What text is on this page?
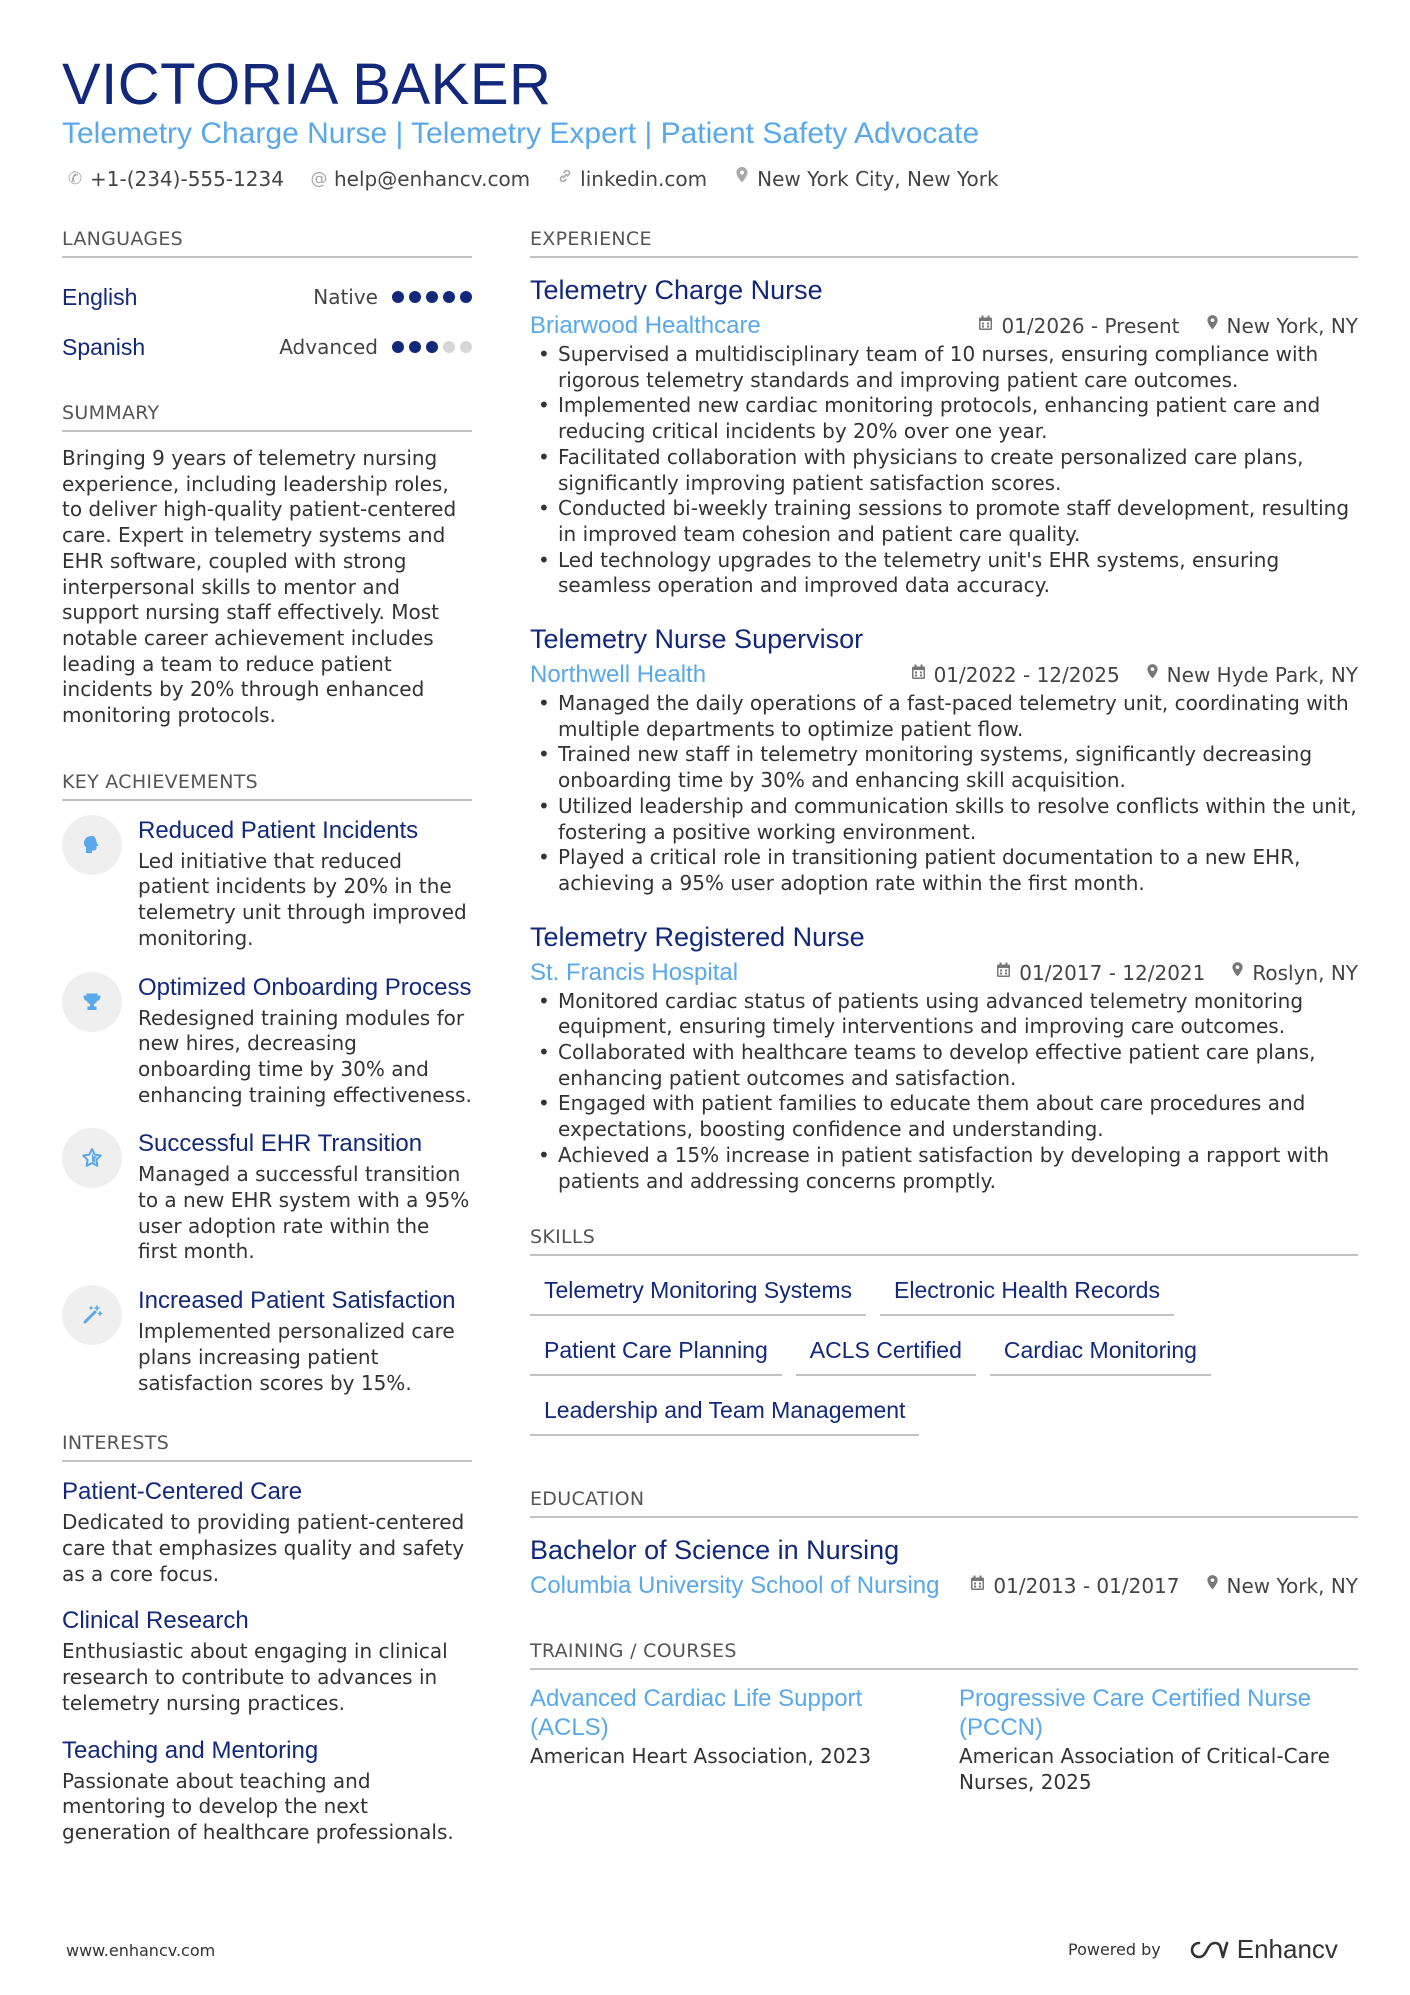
VICTORIA BAKER
Telemetry Charge Nurse | Telemetry Expert | Patient Safety Advocate
✆ +1-(234)-555-1234 @ help@enhancv.com	linkedin.com	New York City, New York
LANGUAGES
English	Native
Spanish	Advanced
SUMMARY

Bringing 9 years of telemetry nursing experience, including leadership roles, to deliver high-quality patient-centered care. Expert in telemetry systems and EHR software, coupled with strong interpersonal skills to mentor and support nursing staff effectively. Most notable career achievement includes leading a team to reduce patient incidents by 20% through enhanced monitoring protocols.

KEY ACHIEVEMENTS
Reduced Patient Incidents
Led initiative that reduced patient incidents by 20% in the telemetry unit through improved monitoring.
Optimized Onboarding Process
Redesigned training modules for new hires, decreasing onboarding time by 30% and enhancing training effectiveness.
Successful EHR Transition
Managed a successful transition to a new EHR system with a 95% user adoption rate within the first month.
Increased Patient Satisfaction
Implemented personalized care plans increasing patient satisfaction scores by 15%.
INTERESTS
Patient-Centered Care
Dedicated to providing patient-centered care that emphasizes quality and safety as a core focus.
Clinical Research
Enthusiastic about engaging in clinical research to contribute to advances in telemetry nursing practices.
Teaching and Mentoring
Passionate about teaching and mentoring to develop the next generation of healthcare professionals.
EXPERIENCE
Telemetry Charge Nurse
Briarwood Healthcare	01/2026 - Present New York, NY
• Supervised a multidisciplinary team of 10 nurses, ensuring compliance with rigorous telemetry standards and improving patient care outcomes.
• Implemented new cardiac monitoring protocols, enhancing patient care and reducing critical incidents by 20% over one year.
• Facilitated collaboration with physicians to create personalized care plans, significantly improving patient satisfaction scores.
• Conducted bi-weekly training sessions to promote staff development, resulting in improved team cohesion and patient care quality.
• Led technology upgrades to the telemetry unit's EHR systems, ensuring seamless operation and improved data accuracy.
Telemetry Nurse Supervisor
Northwell Health	01/2022 - 12/2025 New Hyde Park, NY
• Managed the daily operations of a fast-paced telemetry unit, coordinating with multiple departments to optimize patient flow.
• Trained new staff in telemetry monitoring systems, significantly decreasing onboarding time by 30% and enhancing skill acquisition.
• Utilized leadership and communication skills to resolve conflicts within the unit, fostering a positive working environment.
• Played a critical role in transitioning patient documentation to a new EHR, achieving a 95% user adoption rate within the first month.
Telemetry Registered Nurse
St. Francis Hospital	01/2017 - 12/2021 Roslyn, NY
• Monitored cardiac status of patients using advanced telemetry monitoring equipment, ensuring timely interventions and improving care outcomes.
• Collaborated with healthcare teams to develop effective patient care plans, enhancing patient outcomes and satisfaction.
• Engaged with patient families to educate them about care procedures and expectations, boosting confidence and understanding.
• Achieved a 15% increase in patient satisfaction by developing a rapport with patients and addressing concerns promptly.
SKILLS
Telemetry Monitoring Systems	Electronic Health Records
Patient Care Planning	ACLS Certified	Cardiac Monitoring
Leadership and Team Management
EDUCATION
Bachelor of Science in Nursing
Columbia University School of Nursing	01/2013 - 01/2017 New York, NY
TRAINING / COURSES
Advanced Cardiac Life Support (ACLS)
American Heart Association, 2023
Progressive Care Certified Nurse (PCCN)
American Association of Critical-Care Nurses, 2025
www.enhancv.com	Powered by	Enhancv
